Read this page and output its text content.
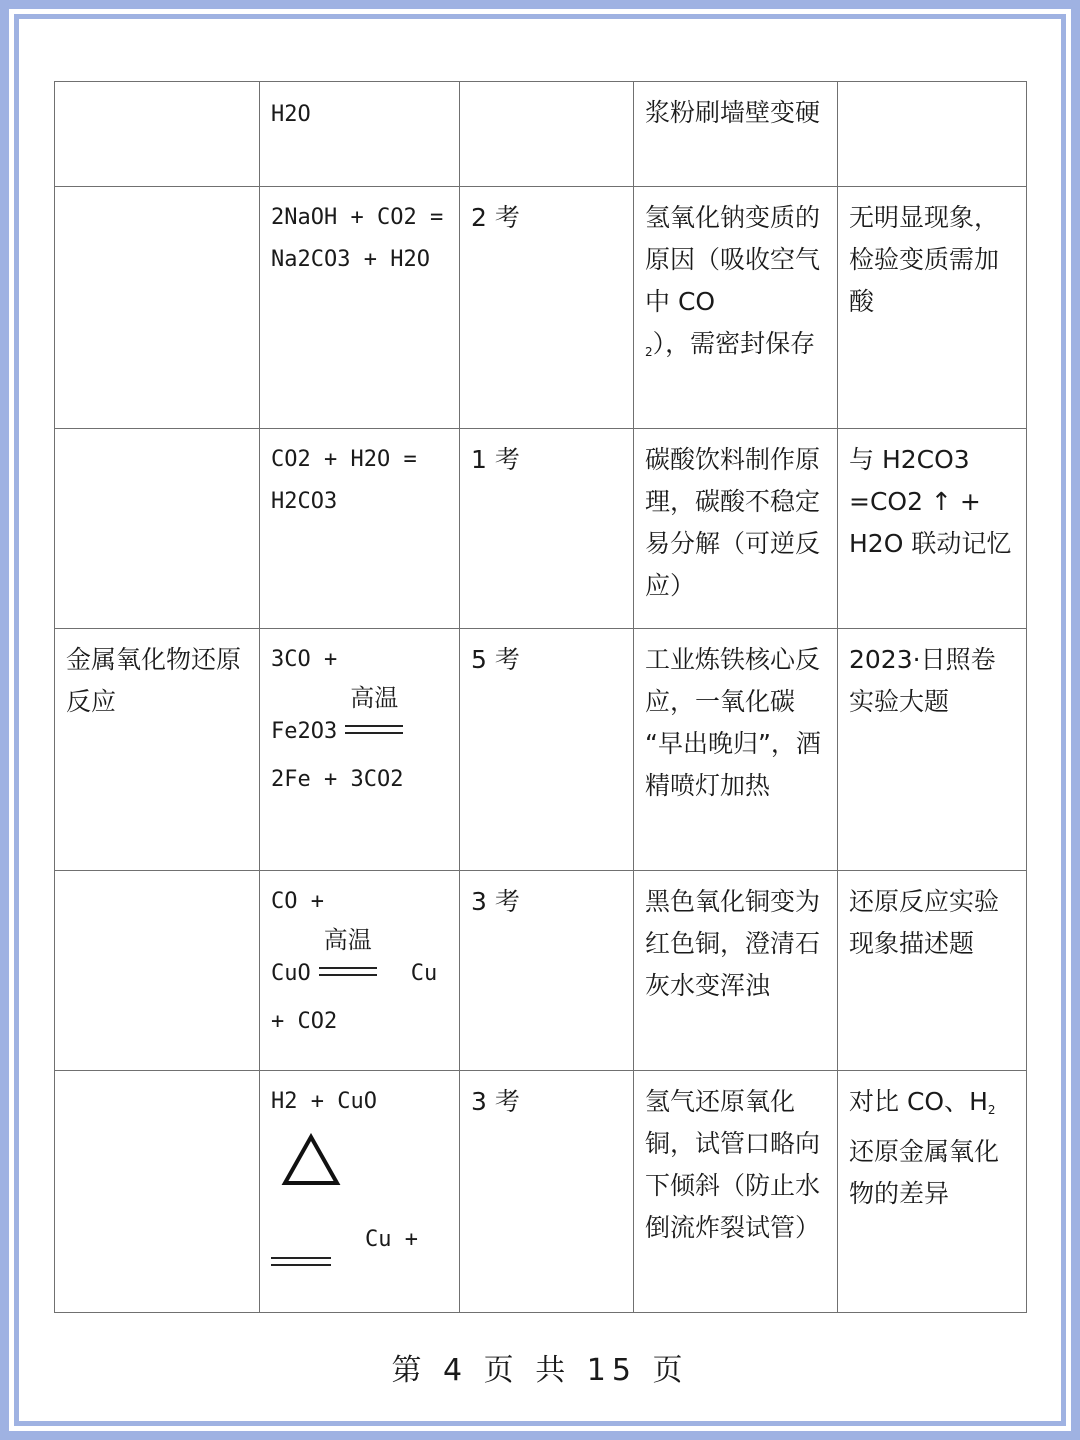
	H2O		浆粉刷墙壁变硬	

	2NaOH + CO2 =
Na2CO3 + H2O	2 考	氢氧化钠变质的原因（吸收空气中 CO
$_2$），需密封保存	无明显现象，检验变质需加酸

	CO2 + H2O =
H2CO3	1 考	碳酸饮料制作原理，碳酸不稳定易分解（可逆反应）	与 H2CO3
=CO2 ↑ +
H2O 联动记忆

金属氧化物还原反应	3CO +
Fe2O3
高温
2Fe + 3CO2	5 考	工业炼铁核心反应，一氧化碳 “早出晚归”，酒精喷灯加热	2023·日照卷实验大题

	CO +
CuO
高温
Cu
+ CO2	3 考	黑色氧化铜变为红色铜，澄清石灰水变浑浊	还原反应实验现象描述题

	H2 + CuO
Cu +	3 考	氢气还原氧化铜，试管口略向下倾斜（防止水倒流炸裂试管）	对比 CO、$H_2$还原金属氧化物的差异
第 4 页 共 15 页
